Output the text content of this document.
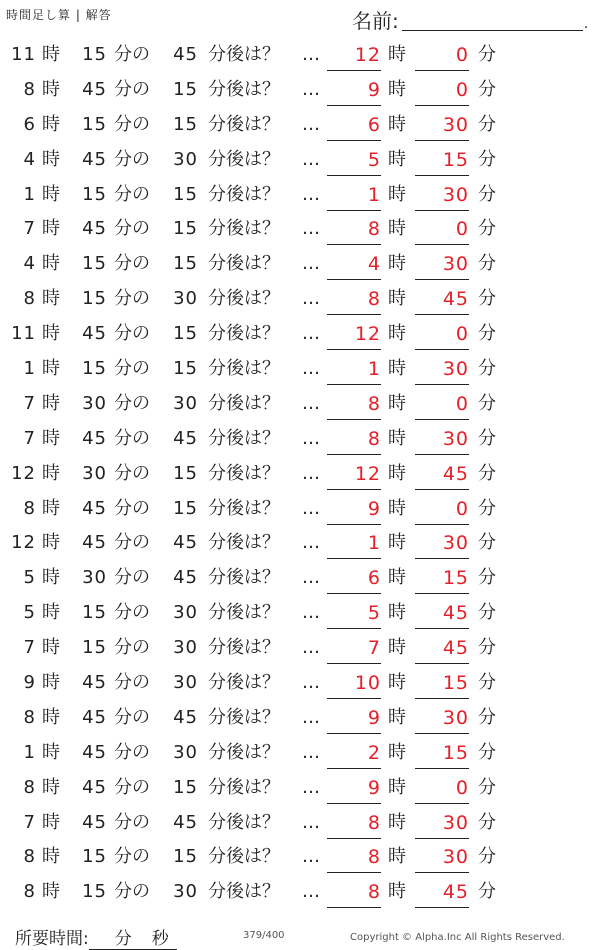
時間足し算 | 解答	名前:	.
11 時 15 分の 45 分後は？ …	12 時	0 分
8 時 45 分の 15 分後は？ …	9 時	0 分
6 時 15 分の 15 分後は？ …	6 時	30 分
4 時 45 分の 30 分後は？ …	5 時	15 分
1 時 15 分の 15 分後は？ …	1 時	30 分
7 時 45 分の 15 分後は？ …	8 時	0 分
4 時 15 分の 15 分後は？ …	4 時	30 分
8 時 15 分の 30 分後は？ …	8 時	45 分
11 時 45 分の 15 分後は？ …	12 時	0 分
1 時 15 分の 15 分後は？ …	1 時	30 分
7 時 30 分の 30 分後は？ …	8 時	0 分
7 時 45 分の 45 分後は？ …	8 時	30 分
12 時 30 分の 15 分後は？ …	12 時	45 分
8 時 45 分の 15 分後は？ …	9 時	0 分
12 時 45 分の 45 分後は？ …	1 時	30 分
5 時 30 分の 45 分後は？ …	6 時	15 分
5 時 15 分の 30 分後は？ …	5 時	45 分
7 時 15 分の 30 分後は？ …	7 時	45 分
9 時 45 分の 30 分後は？ …	10 時	15 分
8 時 45 分の 45 分後は？ …	9 時	30 分
1 時 45 分の 30 分後は？ …	2 時	15 分
8 時 45 分の 15 分後は？ …	9 時	0 分
7 時 45 分の 45 分後は？ …	8 時	30 分
8 時 15 分の 15 分後は？ …	8 時	30 分
8 時 15 分の 30 分後は？ …	8 時	45 分
所要時間: 分 秒	379/400	Copyright © Alpha.Inc All Rights Reserved.
